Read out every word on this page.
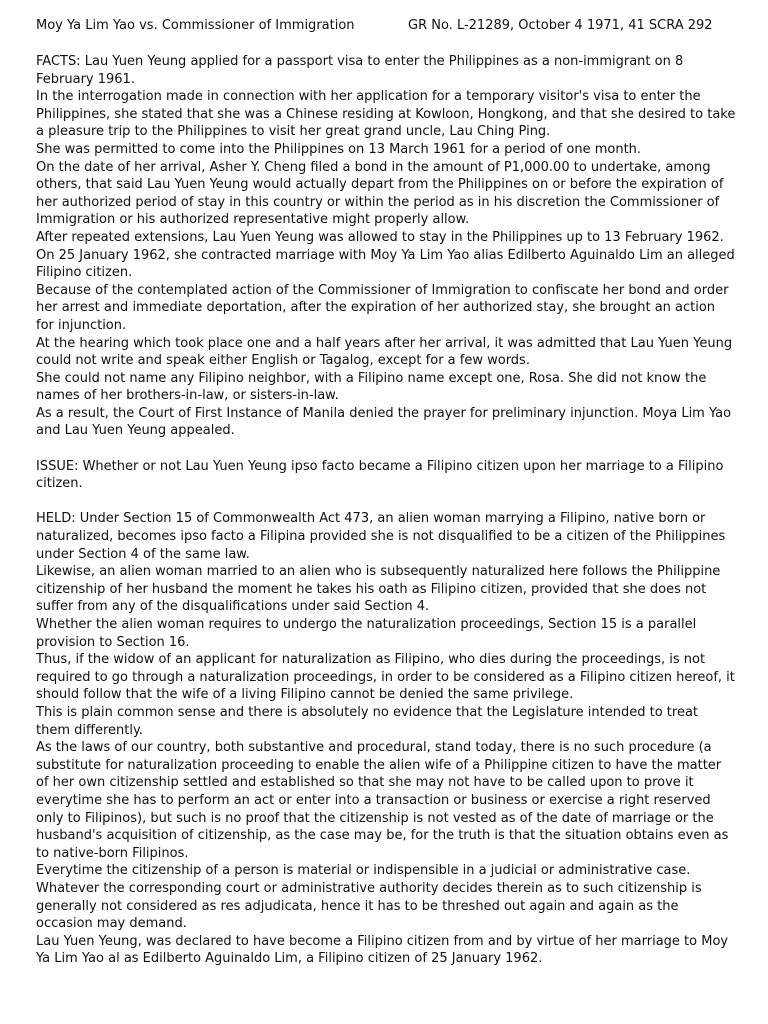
Moy Ya Lim Yao vs. Commissioner of Immigration	GR No. L-21289, October 4 1971, 41 SCRA 292

FACTS: Lau Yuen Yeung applied for a passport visa to enter the Philippines as a non-immigrant on 8 February 1961.

In the interrogation made in connection with her application for a temporary visitor's visa to enter the Philippines, she stated that she was a Chinese residing at Kowloon, Hongkong, and that she desired to take a pleasure trip to the Philippines to visit her great grand uncle, Lau Ching Ping.

She was permitted to come into the Philippines on 13 March 1961 for a period of one month.

On the date of her arrival, Asher Y. Cheng filed a bond in the amount of P1,000.00 to undertake, among others, that said Lau Yuen Yeung would actually depart from the Philippines on or before the expiration of her authorized period of stay in this country or within the period as in his discretion the Commissioner of Immigration or his authorized representative might properly allow.

After repeated extensions, Lau Yuen Yeung was allowed to stay in the Philippines up to 13 February 1962.

On 25 January 1962, she contracted marriage with Moy Ya Lim Yao alias Edilberto Aguinaldo Lim an alleged Filipino citizen.

Because of the contemplated action of the Commissioner of Immigration to confiscate her bond and order her arrest and immediate deportation, after the expiration of her authorized stay, she brought an action for injunction.

At the hearing which took place one and a half years after her arrival, it was admitted that Lau Yuen Yeung could not write and speak either English or Tagalog, except for a few words.

She could not name any Filipino neighbor, with a Filipino name except one, Rosa. She did not know the names of her brothers-in-law, or sisters-in-law.

As a result, the Court of First Instance of Manila denied the prayer for preliminary injunction. Moya Lim Yao and Lau Yuen Yeung appealed.

ISSUE: Whether or not Lau Yuen Yeung ipso facto became a Filipino citizen upon her marriage to a Filipino citizen.

HELD: Under Section 15 of Commonwealth Act 473, an alien woman marrying a Filipino, native born or naturalized, becomes ipso facto a Filipina provided she is not disqualified to be a citizen of the Philippines under Section 4 of the same law.

Likewise, an alien woman married to an alien who is subsequently naturalized here follows the Philippine citizenship of her husband the moment he takes his oath as Filipino citizen, provided that she does not suffer from any of the disqualifications under said Section 4.

Whether the alien woman requires to undergo the naturalization proceedings, Section 15 is a parallel provision to Section 16.

Thus, if the widow of an applicant for naturalization as Filipino, who dies during the proceedings, is not required to go through a naturalization proceedings, in order to be considered as a Filipino citizen hereof, it should follow that the wife of a living Filipino cannot be denied the same privilege.

This is plain common sense and there is absolutely no evidence that the Legislature intended to treat them differently.

As the laws of our country, both substantive and procedural, stand today, there is no such procedure (a substitute for naturalization proceeding to enable the alien wife of a Philippine citizen to have the matter of her own citizenship settled and established so that she may not have to be called upon to prove it everytime she has to perform an act or enter into a transaction or business or exercise a right reserved only to Filipinos), but such is no proof that the citizenship is not vested as of the date of marriage or the husband's acquisition of citizenship, as the case may be, for the truth is that the situation obtains even as to native-born Filipinos.

Everytime the citizenship of a person is material or indispensible in a judicial or administrative case. Whatever the corresponding court or administrative authority decides therein as to such citizenship is generally not considered as res adjudicata, hence it has to be threshed out again and again as the occasion may demand.

Lau Yuen Yeung, was declared to have become a Filipino citizen from and by virtue of her marriage to Moy Ya Lim Yao al as Edilberto Aguinaldo Lim, a Filipino citizen of 25 January 1962.
